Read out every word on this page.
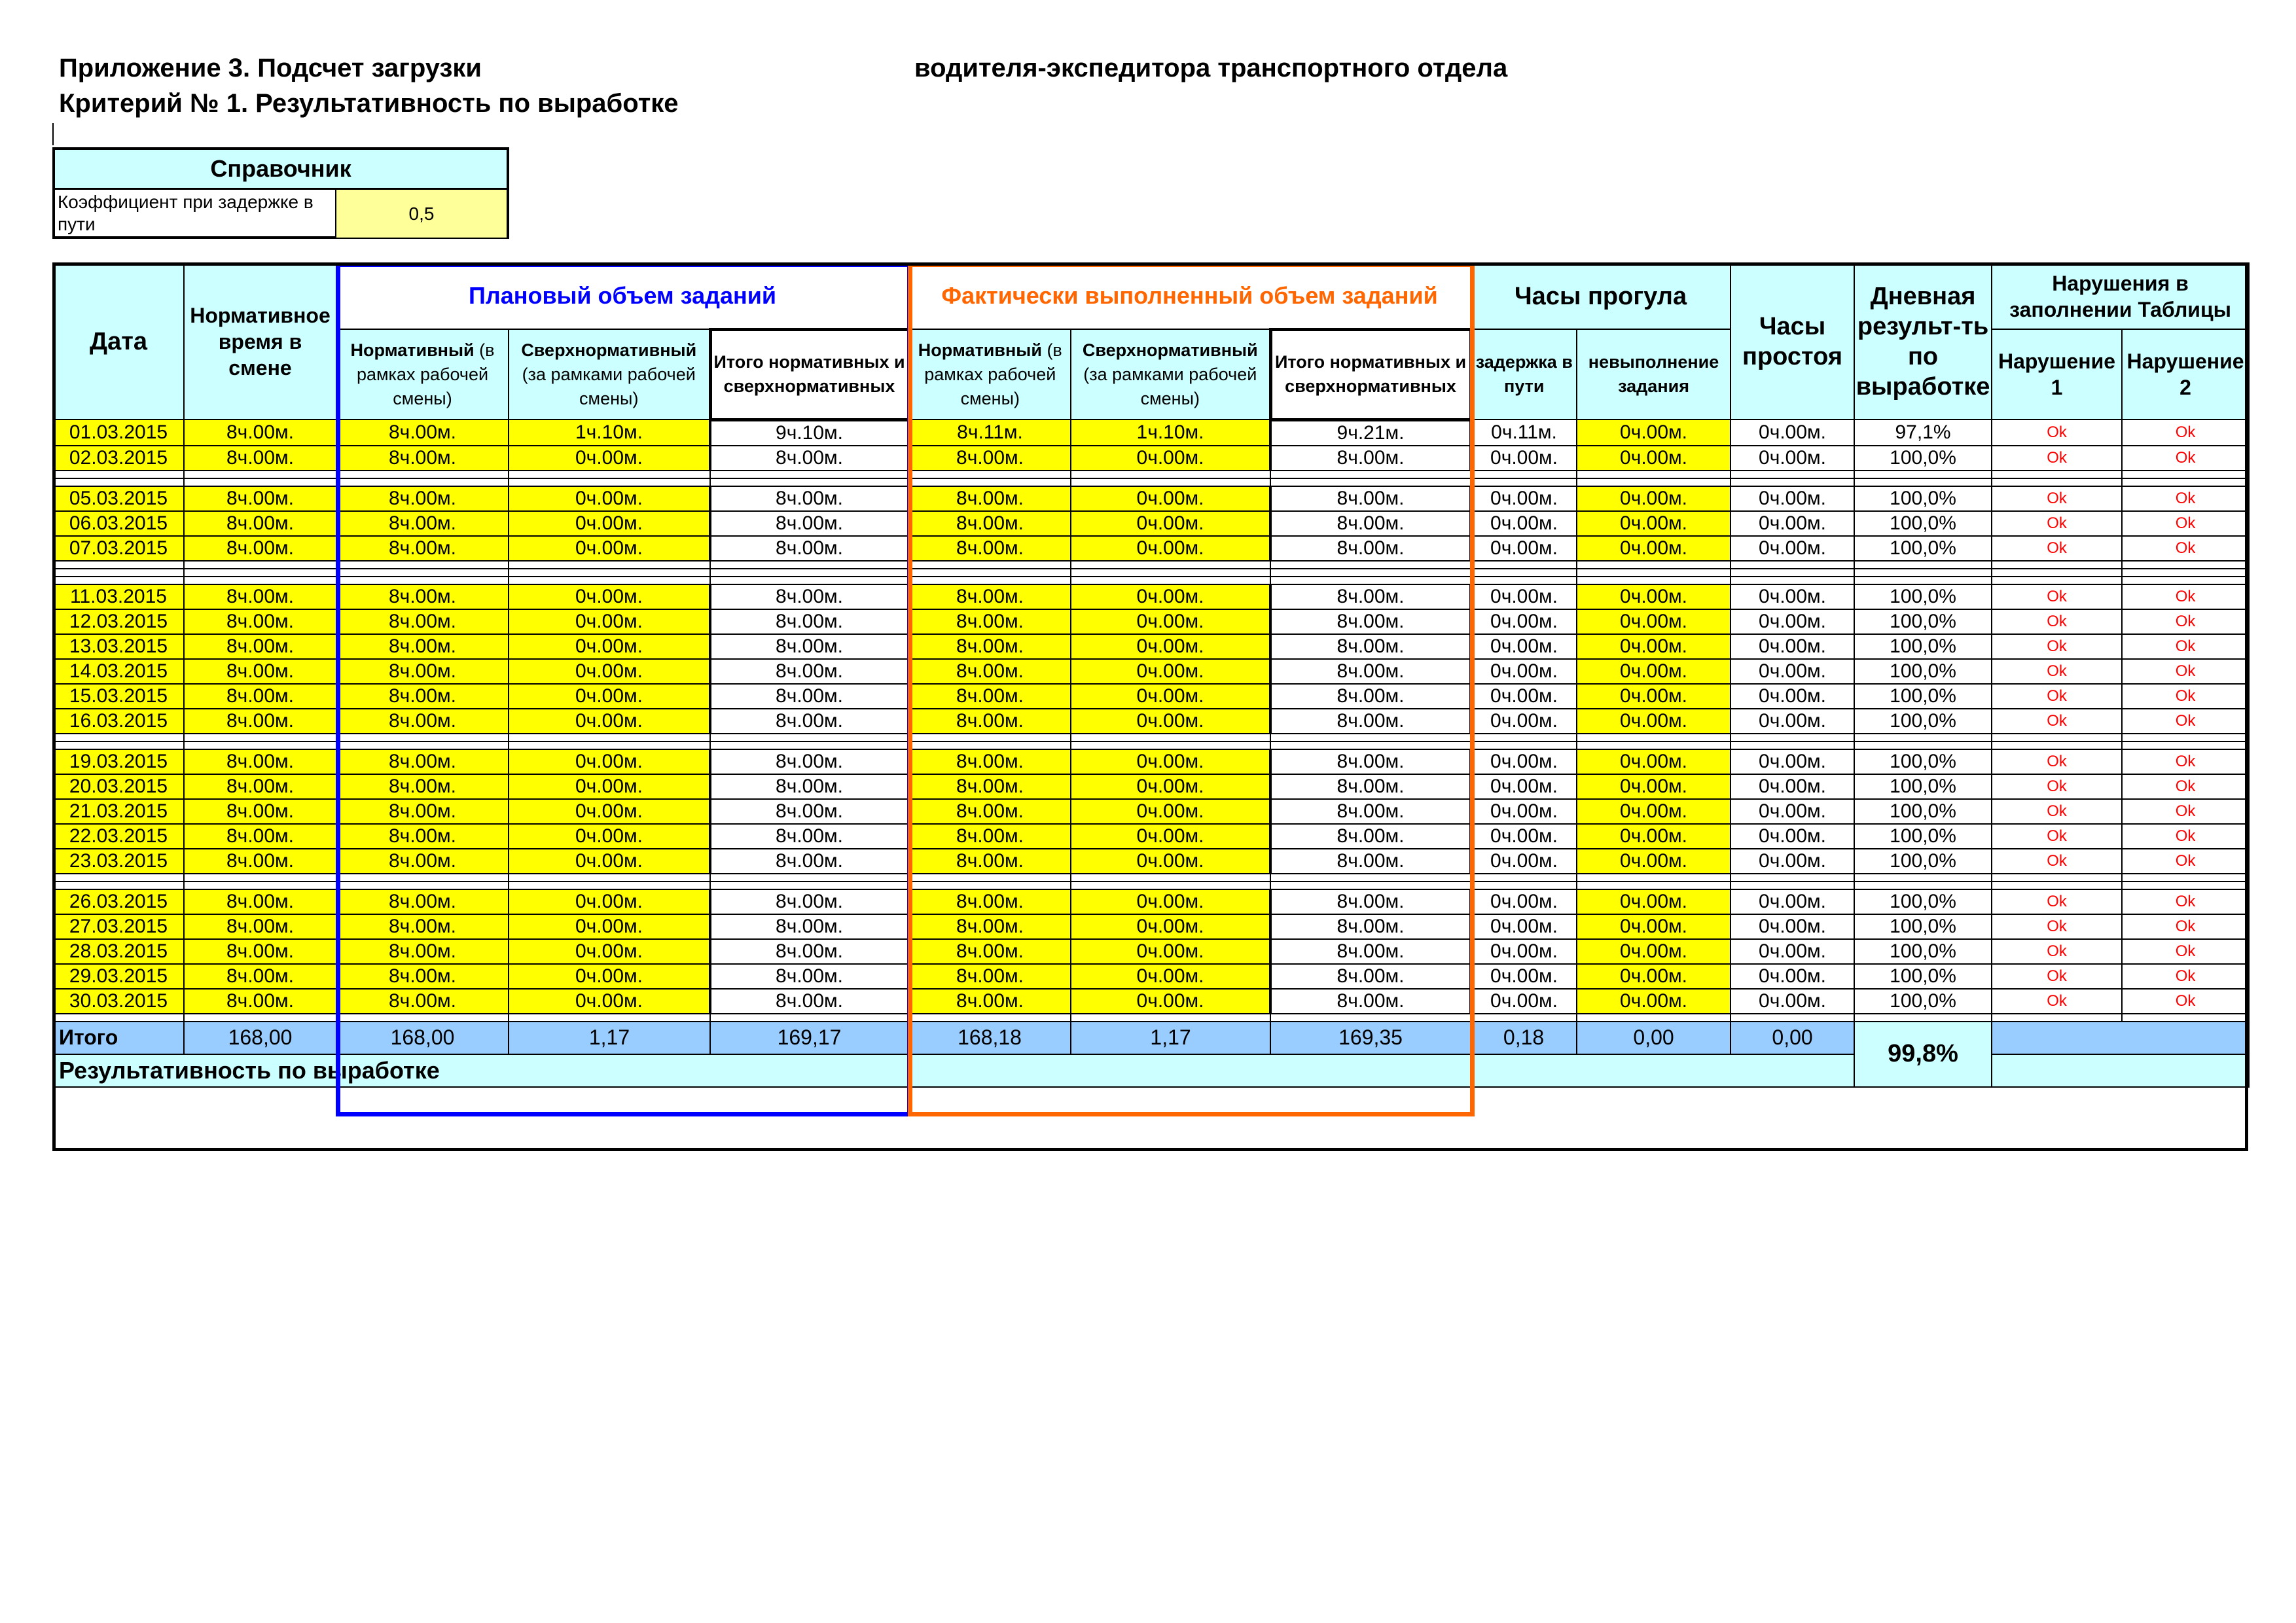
Приложение 3. Подсчет загрузки	водителя-экспедитора транспортного отдела
Критерий № 1. Результативность по выработке
Справочник
Коэффициент при задержке в пути
0,5
Дата	Нормативное время в смене	Плановый объем заданий			Фактически выполненный объем заданий			Часы прогула		Часы простоя	Дневная результ-ть по выработке	Нарушения в заполнении Таблицы	
		Нормативный (в рамках рабочей смены)	Сверхнормативный (за рамками рабочей смены)	Итого нормативных и сверхнормативных	Нормативный (в рамках рабочей смены)	Сверхнормативный (за рамками рабочей смены)	Итого нормативных и сверхнормативных	задержка в пути	невыполнение задания			Нарушение 1	Нарушение 2
01.03.2015	8ч.00м.	8ч.00м.	1ч.10м.	9ч.10м.	8ч.11м.	1ч.10м.	9ч.21м.	0ч.11м.	0ч.00м.	0ч.00м.	97,1%	Ok	Ok
02.03.2015	8ч.00м.	8ч.00м.	0ч.00м.	8ч.00м.	8ч.00м.	0ч.00м.	8ч.00м.	0ч.00м.	0ч.00м.	0ч.00м.	100,0%	Ok	Ok

05.03.2015	8ч.00м.	8ч.00м.	0ч.00м.	8ч.00м.	8ч.00м.	0ч.00м.	8ч.00м.	0ч.00м.	0ч.00м.	0ч.00м.	100,0%	Ok	Ok
06.03.2015	8ч.00м.	8ч.00м.	0ч.00м.	8ч.00м.	8ч.00м.	0ч.00м.	8ч.00м.	0ч.00м.	0ч.00м.	0ч.00м.	100,0%	Ok	Ok
07.03.2015	8ч.00м.	8ч.00м.	0ч.00м.	8ч.00м.	8ч.00м.	0ч.00м.	8ч.00м.	0ч.00м.	0ч.00м.	0ч.00м.	100,0%	Ok	Ok

11.03.2015	8ч.00м.	8ч.00м.	0ч.00м.	8ч.00м.	8ч.00м.	0ч.00м.	8ч.00м.	0ч.00м.	0ч.00м.	0ч.00м.	100,0%	Ok	Ok
12.03.2015	8ч.00м.	8ч.00м.	0ч.00м.	8ч.00м.	8ч.00м.	0ч.00м.	8ч.00м.	0ч.00м.	0ч.00м.	0ч.00м.	100,0%	Ok	Ok
13.03.2015	8ч.00м.	8ч.00м.	0ч.00м.	8ч.00м.	8ч.00м.	0ч.00м.	8ч.00м.	0ч.00м.	0ч.00м.	0ч.00м.	100,0%	Ok	Ok
14.03.2015	8ч.00м.	8ч.00м.	0ч.00м.	8ч.00м.	8ч.00м.	0ч.00м.	8ч.00м.	0ч.00м.	0ч.00м.	0ч.00м.	100,0%	Ok	Ok
15.03.2015	8ч.00м.	8ч.00м.	0ч.00м.	8ч.00м.	8ч.00м.	0ч.00м.	8ч.00м.	0ч.00м.	0ч.00м.	0ч.00м.	100,0%	Ok	Ok
16.03.2015	8ч.00м.	8ч.00м.	0ч.00м.	8ч.00м.	8ч.00м.	0ч.00м.	8ч.00м.	0ч.00м.	0ч.00м.	0ч.00м.	100,0%	Ok	Ok

19.03.2015	8ч.00м.	8ч.00м.	0ч.00м.	8ч.00м.	8ч.00м.	0ч.00м.	8ч.00м.	0ч.00м.	0ч.00м.	0ч.00м.	100,0%	Ok	Ok
20.03.2015	8ч.00м.	8ч.00м.	0ч.00м.	8ч.00м.	8ч.00м.	0ч.00м.	8ч.00м.	0ч.00м.	0ч.00м.	0ч.00м.	100,0%	Ok	Ok
21.03.2015	8ч.00м.	8ч.00м.	0ч.00м.	8ч.00м.	8ч.00м.	0ч.00м.	8ч.00м.	0ч.00м.	0ч.00м.	0ч.00м.	100,0%	Ok	Ok
22.03.2015	8ч.00м.	8ч.00м.	0ч.00м.	8ч.00м.	8ч.00м.	0ч.00м.	8ч.00м.	0ч.00м.	0ч.00м.	0ч.00м.	100,0%	Ok	Ok
23.03.2015	8ч.00м.	8ч.00м.	0ч.00м.	8ч.00м.	8ч.00м.	0ч.00м.	8ч.00м.	0ч.00м.	0ч.00м.	0ч.00м.	100,0%	Ok	Ok

26.03.2015	8ч.00м.	8ч.00м.	0ч.00м.	8ч.00м.	8ч.00м.	0ч.00м.	8ч.00м.	0ч.00м.	0ч.00м.	0ч.00м.	100,0%	Ok	Ok
27.03.2015	8ч.00м.	8ч.00м.	0ч.00м.	8ч.00м.	8ч.00м.	0ч.00м.	8ч.00м.	0ч.00м.	0ч.00м.	0ч.00м.	100,0%	Ok	Ok
28.03.2015	8ч.00м.	8ч.00м.	0ч.00м.	8ч.00м.	8ч.00м.	0ч.00м.	8ч.00м.	0ч.00м.	0ч.00м.	0ч.00м.	100,0%	Ok	Ok
29.03.2015	8ч.00м.	8ч.00м.	0ч.00м.	8ч.00м.	8ч.00м.	0ч.00м.	8ч.00м.	0ч.00м.	0ч.00м.	0ч.00м.	100,0%	Ok	Ok
30.03.2015	8ч.00м.	8ч.00м.	0ч.00м.	8ч.00м.	8ч.00м.	0ч.00м.	8ч.00м.	0ч.00м.	0ч.00м.	0ч.00м.	100,0%	Ok	Ok

Итого	168,00	168,00	1,17	169,17	168,18	1,17	169,35	0,18	0,00	0,00	99,8%		
Результативность по выработке													
